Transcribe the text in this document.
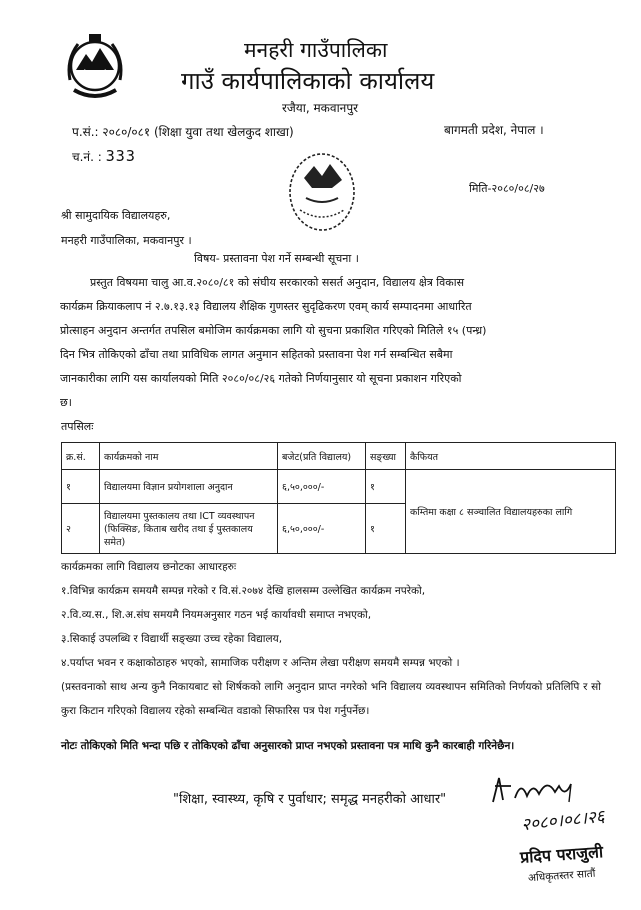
मनहरी गाउँपालिका
गाउँ कार्यपालिकाको कार्यालय
रजैया, मकवानपुर
प.सं.: २०८०/०८१ (शिक्षा युवा तथा खेलकुद शाखा)	बागमती प्रदेश, नेपाल ।
च.नं. : 333
मिति-२०८०/०८/२७
श्री सामुदायिक विद्यालयहरु,
मनहरी गाउँपालिका, मकवानपुर ।
विषय- प्रस्तावना पेश गर्ने सम्बन्धी सूचना ।
प्रस्तुत विषयमा चालु आ.व.२०८०/८१ को संघीय सरकारको ससर्त अनुदान, विद्यालय क्षेत्र विकास
कार्यक्रम क्रियाकलाप नं २.७.१३.१३ विद्यालय शैक्षिक गुणस्तर सुदृढिकरण एवम् कार्य सम्पादनमा आधारित
प्रोत्साहन अनुदान अन्तर्गत तपसिल बमोजिम कार्यक्रमका लागि यो सुचना प्रकाशित गरिएको मितिले १५ (पन्ध्र)
दिन भित्र तोकिएको ढाँचा तथा प्राविधिक लागत अनुमान सहितको प्रस्तावना पेश गर्न सम्बन्धित सबैमा
जानकारीका लागि यस कार्यालयको मिति २०८०/०८/२६ गतेको निर्णयानुसार यो सूचना प्रकाशन गरिएको
छ।
तपसिलः
क्र.सं.	कार्यक्रमको नाम	बजेट(प्रति विद्यालय)	सङ्ख्या	कैफियत
१	विद्यालयमा विज्ञान प्रयोगशाला अनुदान	६,५०,०००/-	१	कम्तिमा कक्षा ८ सञ्चालित विद्यालयहरुका लागि
२	विद्यालयमा पुस्तकालय तथा ICT व्यवस्थापन (फिक्सिङ, किताब खरीद तथा ई पुस्तकालय समेत)	६,५०,०००/-	१	
कार्यक्रमका लागि विद्यालय छनोटका आधारहरुः
१.विभिन्न कार्यक्रम समयमै सम्पन्न गरेको र वि.सं.२०७४ देखि हालसम्म उल्लेखित कार्यक्रम नपरेको,
२.वि.व्य.स., शि.अ.संघ समयमै नियमअनुसार गठन भई कार्यावधी समाप्त नभएको,
३.सिकाई उपलब्धि र विद्यार्थी सङ्ख्या उच्च रहेका विद्यालय,
४.पर्याप्त भवन र कक्षाकोठाहरु भएको, सामाजिक परीक्षण र अन्तिम लेखा परीक्षण समयमै सम्पन्न भएको ।
(प्रस्तवनाको साथ अन्य कुनै निकायबाट सो शिर्षकको लागि अनुदान प्राप्त नगरेको भनि विद्यालय व्यवस्थापन समितिको निर्णयको प्रतिलिपि र सो कुरा किटान गरिएको विद्यालय रहेको सम्बन्धित वडाको सिफारिस पत्र पेश गर्नुपर्नेछ।
नोटः तोकिएको मिति भन्दा पछि र तोकिएको ढाँचा अनुसारको प्राप्त नभएको प्रस्तावना पत्र माथि कुनै कारबाही गरिनेछैन।
"शिक्षा, स्वास्थ्य, कृषि र पुर्वाधार; समृद्ध मनहरीको आधार"
२०८०।०८।२६
प्रदिप पराजुली
अधिकृतस्तर सातौं
